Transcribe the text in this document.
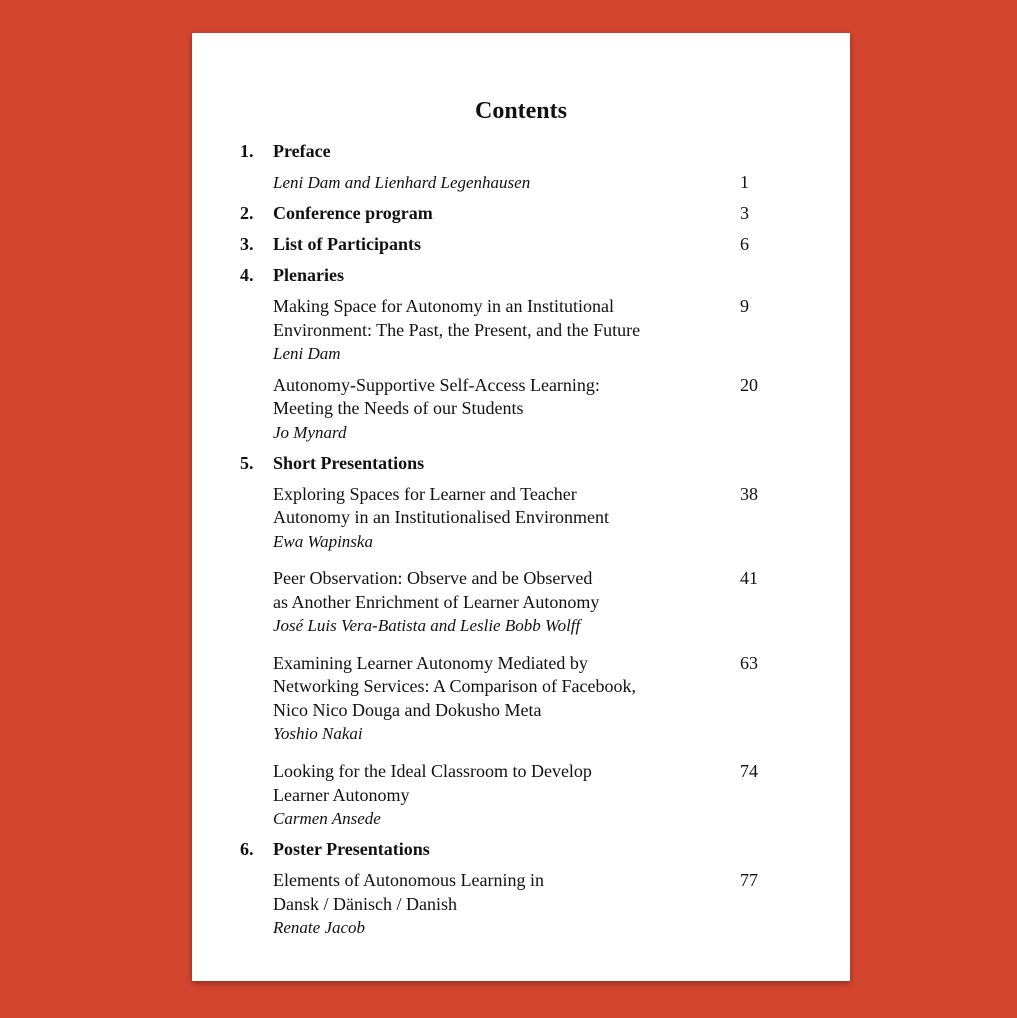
Contents
1. Preface
Leni Dam and Lienhard Legenhausen	1
2. Conference program	3
3. List of Participants	6
4. Plenaries
Making Space for Autonomy in an Institutional	9
Environment: The Past, the Present, and the Future
Leni Dam
Autonomy-Supportive Self-Access Learning:	20
Meeting the Needs of our Students
Jo Mynard
5. Short Presentations
Exploring Spaces for Learner and Teacher	38
Autonomy in an Institutionalised Environment
Ewa Wapinska
Peer Observation: Observe and be Observed	41
as Another Enrichment of Learner Autonomy
José Luis Vera-Batista and Leslie Bobb Wolff
Examining Learner Autonomy Mediated by	63
Networking Services: A Comparison of Facebook,
Nico Nico Douga and Dokusho Meta
Yoshio Nakai
Looking for the Ideal Classroom to Develop	74
Learner Autonomy
Carmen Ansede
6. Poster Presentations
Elements of Autonomous Learning in	77
Dansk / Dänisch / Danish
Renate Jacob
